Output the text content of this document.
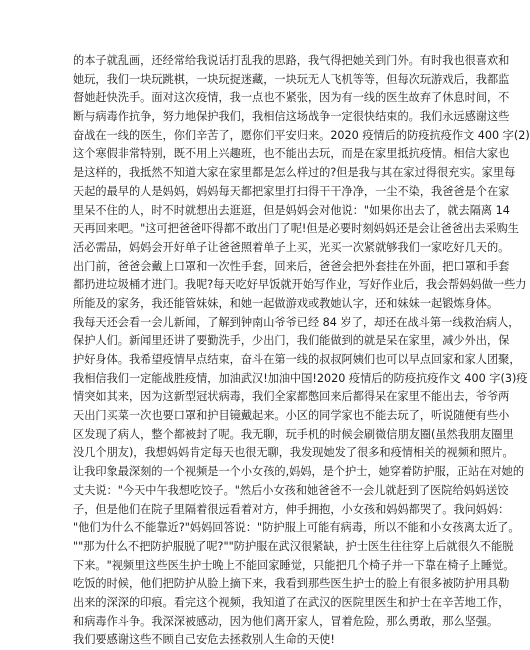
的本子就乱画，还经常给我说话打乱我的思路，我气得把她关到门外。有时我也很喜欢和
她玩，我们一块玩跳棋，一块玩捉迷藏，一块玩无人飞机等等，但每次玩游戏后，我都监
督她赶快洗手。面对这次疫情，我一点也不紧张，因为有一线的医生故弃了休息时间，不
断与病毒作抗争，努力地保护我们，我相信这场战争一定很快结束的。我们永远感谢这些
奋战在一线的医生，你们辛苦了，愿你们平安归来。2020 疫情后的防疫抗疫作文 400 字(2)
这个寒假非常特别，既不用上兴趣班，也不能出去玩，而是在家里抵抗疫情。相信大家也
是这样的，我抵然不知道大家在家里都是怎么样过的?但是我与其在家过得很充实。家里每
天起的最早的人是妈妈，妈妈每天都把家里打扫得干干净净，一尘不染，我爸爸是个在家
里呆不住的人，时不时就想出去逛逛，但是妈妈会对他说："如果你出去了，就去隔离 14
天再回来吧。"这可把爸爸吓得都不敢出门了呢!但是必要时刻妈妈还是会让爸爸出去采购生
活必需品，妈妈会开好单子让爸爸照着单子上买，光买一次紧就够我们一家吃好几天的。
出门前，爸爸会戴上口罩和一次性手套，回来后，爸爸会把外套挂在外面，把口罩和手套
都扔进垃圾桶才进门。我呢?每天吃好早饭就开始写作业，写好作业后，我会帮妈妈做一些力
所能及的家务，我还能管妹妹，和她一起做游戏或教她认字，还和妹妹一起锻炼身体。
我每天还会看一会儿新闻，了解到钟南山爷爷已经 84 岁了，却还在战斗第一线救治病人，
保护人们。新闻里还讲了要勤洗手，少出门，我们能做到的就是呆在家里，减少外出，保
护好身体。我希望疫情早点结束，奋斗在第一线的叔叔阿姨们也可以早点回家和家人团聚，
我相信我们一定能战胜疫情，加油武汉!加油中国!2020 疫情后的防疫抗疫作文 400 字(3)疫
情突如其来，因为这新型冠状病毒，我们全家都憋回来后都得呆在家里不能出去，爷爷两
天出门买菜一次也要口罩和护目镜戴起来。小区的同学家也不能去玩了，听说随便有些小
区发现了病人，整个都被封了呢。我无聊，玩手机的时候会刷微信朋友圈(虽然我朋友圈里
没几个朋友)，我想妈妈肯定每天也很无聊，我发现她发了很多和疫情相关的视频和照片。
让我印象最深刻的一个视频是一个小女孩的,妈妈，是个护士，她穿着防护服，正站在对她的
丈夫说："今天中午我想吃饺子。"然后小女孩和她爸爸不一会儿就赶到了医院给妈妈送饺
子，但是他们在院子里隔着很远看着对方，伸手拥抱，小女孩和妈妈都哭了。我问妈妈：
"他们为什么不能靠近?"妈妈回答说："防护服上可能有病毒，所以不能和小女孩离太近了。
""那为什么不把防护服脱了呢?""防护服在武汉很紧缺，护士医生往往穿上后就很久不能脱
下来。"视频里这些医生护士晚上不能回家睡觉，只能把几个椅子并一下靠在椅子上睡觉。
吃饭的时候，他们把防护从脸上摘下来，我看到那些医生护士的脸上有很多被防护用具勒
出来的深深的印痕。看完这个视频，我知道了在武汉的医院里医生和护士在辛苦地工作，
和病毒作斗争。我深深被感动，因为他们离开家人，冒着危险，那么勇敢，那么坚强。
我们要感谢这些不顾自己安危去拯救别人生命的天使!
